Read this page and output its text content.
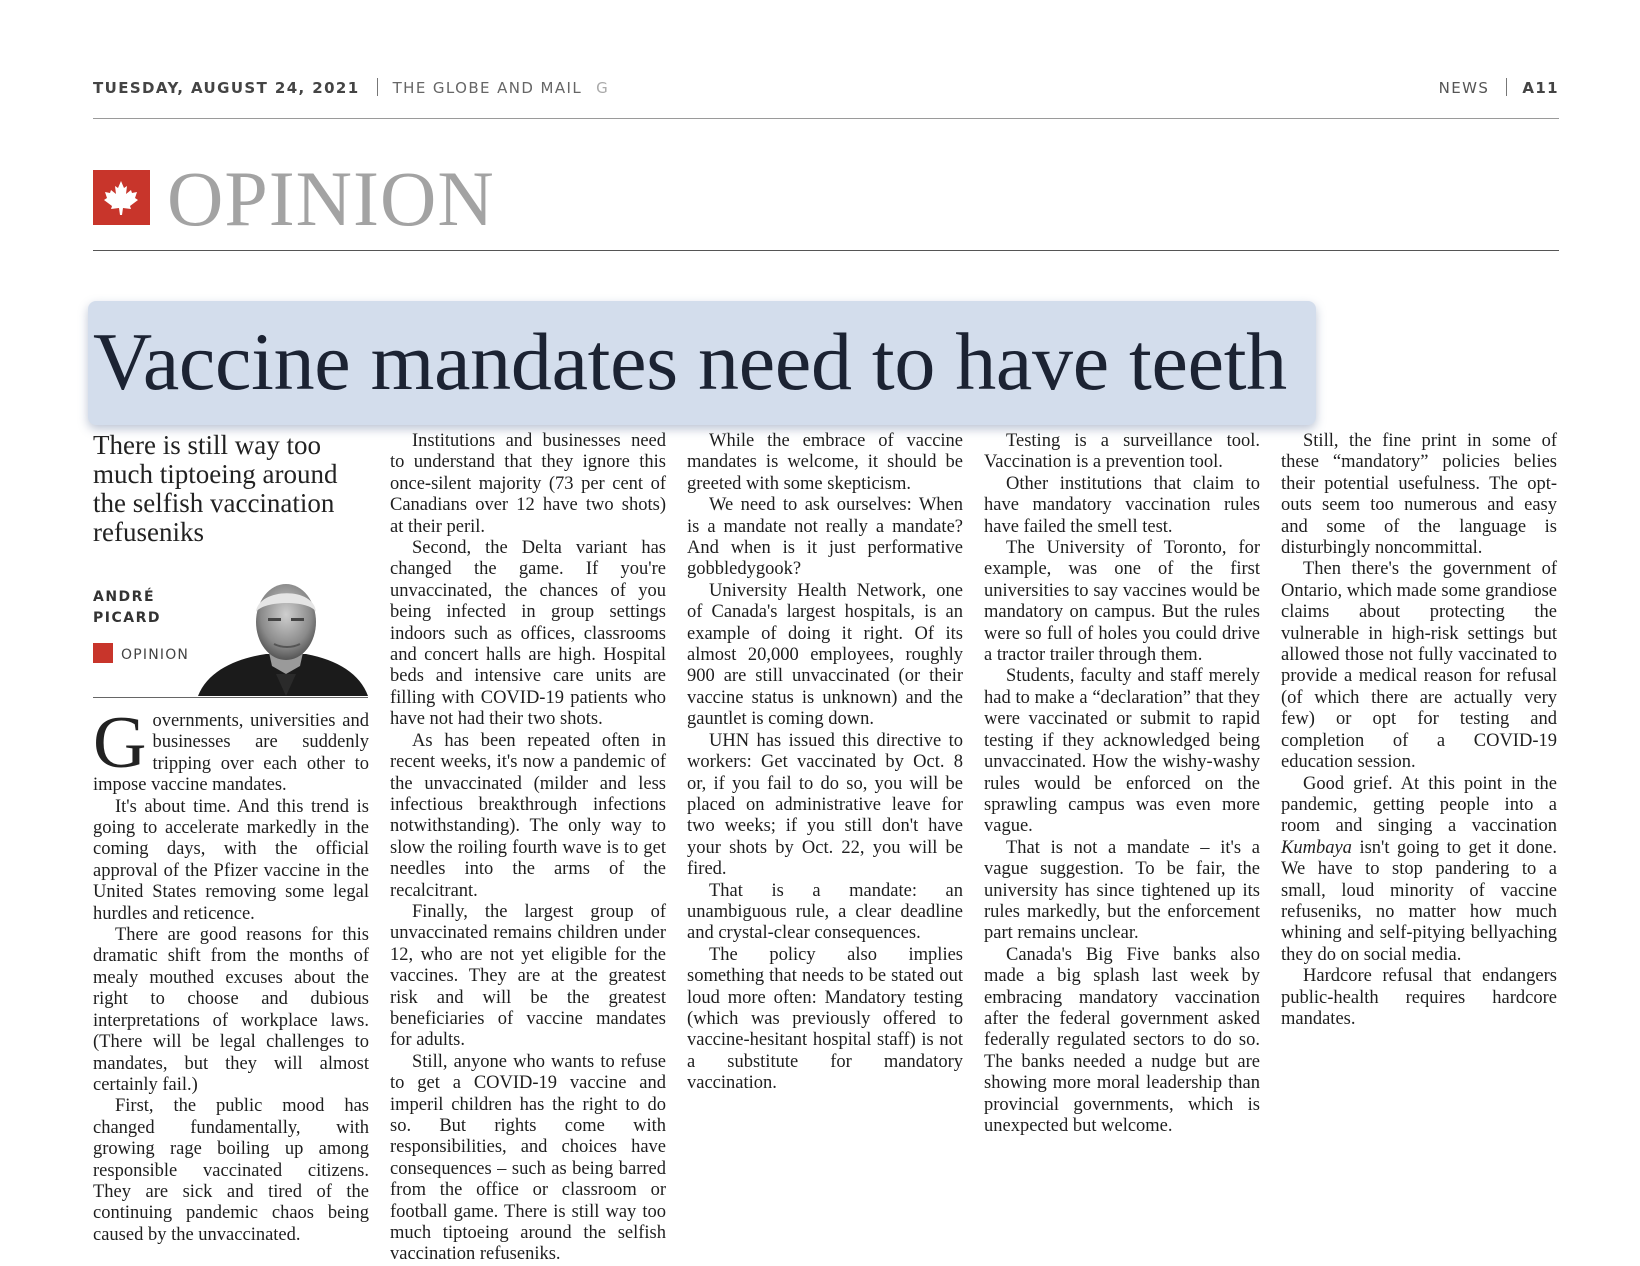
TUESDAY, AUGUST 24, 2021 THE GLOBE AND MAIL G	NEWS A11
OPINION
Vaccine mandates need to have teeth
There is still way too much tiptoeing around the selfish vaccination refuseniks
ANDRÉ
PICARD
OPINION

Governments, universities and businesses are suddenly tripping over each other to impose vaccine mandates.

It's about time. And this trend is going to accelerate markedly in the coming days, with the official approval of the Pfizer vaccine in the United States removing some legal hurdles and reticence.

There are good reasons for this dramatic shift from the months of mealy mouthed excuses about the right to choose and dubious interpretations of workplace laws. (There will be legal challenges to mandates, but they will almost certainly fail.)

First, the public mood has changed fundamentally, with growing rage boiling up among responsible vaccinated citizens. They are sick and tired of the continuing pandemic chaos being caused by the unvaccinated.

Institutions and businesses need to understand that they ignore this once-silent majority (73 per cent of Canadians over 12 have two shots) at their peril.

Second, the Delta variant has changed the game. If you're unvaccinated, the chances of you being infected in group settings indoors such as offices, classrooms and concert halls are high. Hospital beds and intensive care units are filling with COVID-19 patients who have not had their two shots.

As has been repeated often in recent weeks, it's now a pandemic of the unvaccinated (milder and less infectious breakthrough infections notwithstanding). The only way to slow the roiling fourth wave is to get needles into the arms of the recalcitrant.

Finally, the largest group of unvaccinated remains children under 12, who are not yet eligible for the vaccines. They are at the greatest risk and will be the greatest beneficiaries of vaccine mandates for adults.

Still, anyone who wants to refuse to get a COVID-19 vaccine and imperil children has the right to do so. But rights come with responsibilities, and choices have consequences – such as being barred from the office or classroom or football game. There is still way too much tiptoeing around the selfish vaccination refuseniks.

While the embrace of vaccine mandates is welcome, it should be greeted with some skepticism.

We need to ask ourselves: When is a mandate not really a mandate? And when is it just performative gobbledygook?

University Health Network, one of Canada's largest hospitals, is an example of doing it right. Of its almost 20,000 employees, roughly 900 are still unvaccinated (or their vaccine status is unknown) and the gauntlet is coming down.

UHN has issued this directive to workers: Get vaccinated by Oct. 8 or, if you fail to do so, you will be placed on administrative leave for two weeks; if you still don't have your shots by Oct. 22, you will be fired.

That is a mandate: an unambiguous rule, a clear deadline and crystal-clear consequences.

The policy also implies something that needs to be stated out loud more often: Mandatory testing (which was previously offered to vaccine-hesitant hospital staff) is not a substitute for mandatory vaccination.

Testing is a surveillance tool. Vaccination is a prevention tool.

Other institutions that claim to have mandatory vaccination rules have failed the smell test.

The University of Toronto, for example, was one of the first universities to say vaccines would be mandatory on campus. But the rules were so full of holes you could drive a tractor trailer through them.

Students, faculty and staff merely had to make a “declaration” that they were vaccinated or submit to rapid testing if they acknowledged being unvaccinated. How the wishy-washy rules would be enforced on the sprawling campus was even more vague.

That is not a mandate – it's a vague suggestion. To be fair, the university has since tightened up its rules markedly, but the enforcement part remains unclear.

Canada's Big Five banks also made a big splash last week by embracing mandatory vaccination after the federal government asked federally regulated sectors to do so. The banks needed a nudge but are showing more moral leadership than provincial governments, which is unexpected but welcome.

Still, the fine print in some of these “mandatory” policies belies their potential usefulness. The opt-outs seem too numerous and easy and some of the language is disturbingly noncommittal.

Then there's the government of Ontario, which made some grandiose claims about protecting the vulnerable in high-risk settings but allowed those not fully vaccinated to provide a medical reason for refusal (of which there are actually very few) or opt for testing and completion of a COVID-19 education session.

Good grief. At this point in the pandemic, getting people into a room and singing a vaccination Kumbaya isn't going to get it done. We have to stop pandering to a small, loud minority of vaccine refuseniks, no matter how much whining and self-pitying bellyaching they do on social media.

Hardcore refusal that endangers public-health requires hardcore mandates.
